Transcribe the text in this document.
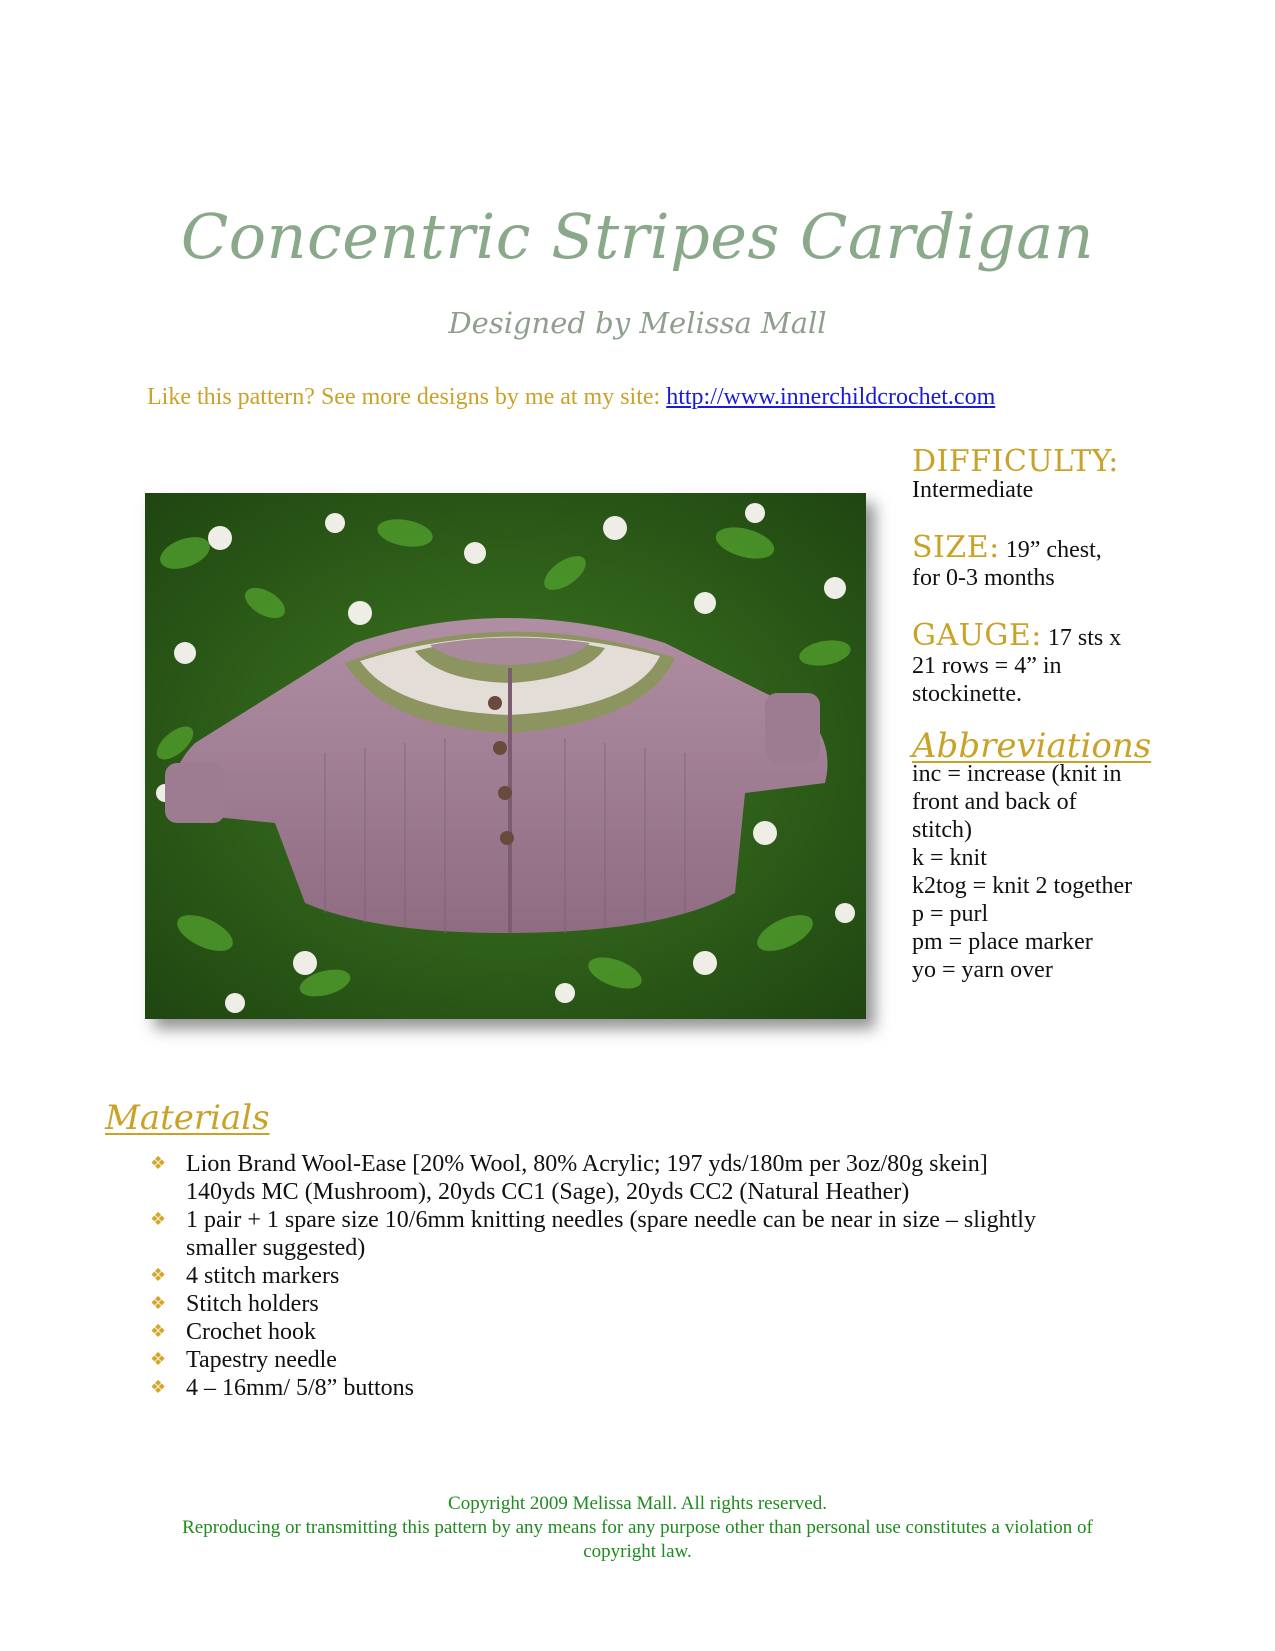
Concentric Stripes Cardigan
Designed by Melissa Mall
Like this pattern? See more designs by me at my site: http://www.innerchildcrochet.com
DIFFICULTY:
Intermediate
SIZE: 19” chest,
for 0-3 months
GAUGE: 17 sts x
21 rows = 4” in
stockinette.
Abbreviations
inc = increase (knit in
front and back of
stitch)
k = knit
k2tog = knit 2 together
p = purl
pm = place marker
yo = yarn over
Materials
❖ Lion Brand Wool-Ease [20% Wool, 80% Acrylic; 197 yds/180m per 3oz/80g skein]
140yds MC (Mushroom), 20yds CC1 (Sage), 20yds CC2 (Natural Heather)
❖ 1 pair + 1 spare size 10/6mm knitting needles (spare needle can be near in size – slightly
smaller suggested)
❖ 4 stitch markers
❖ Stitch holders
❖ Crochet hook
❖ Tapestry needle
❖ 4 – 16mm/ 5/8” buttons
Copyright 2009 Melissa Mall. All rights reserved.
Reproducing or transmitting this pattern by any means for any purpose other than personal use constitutes a violation of
copyright law.
